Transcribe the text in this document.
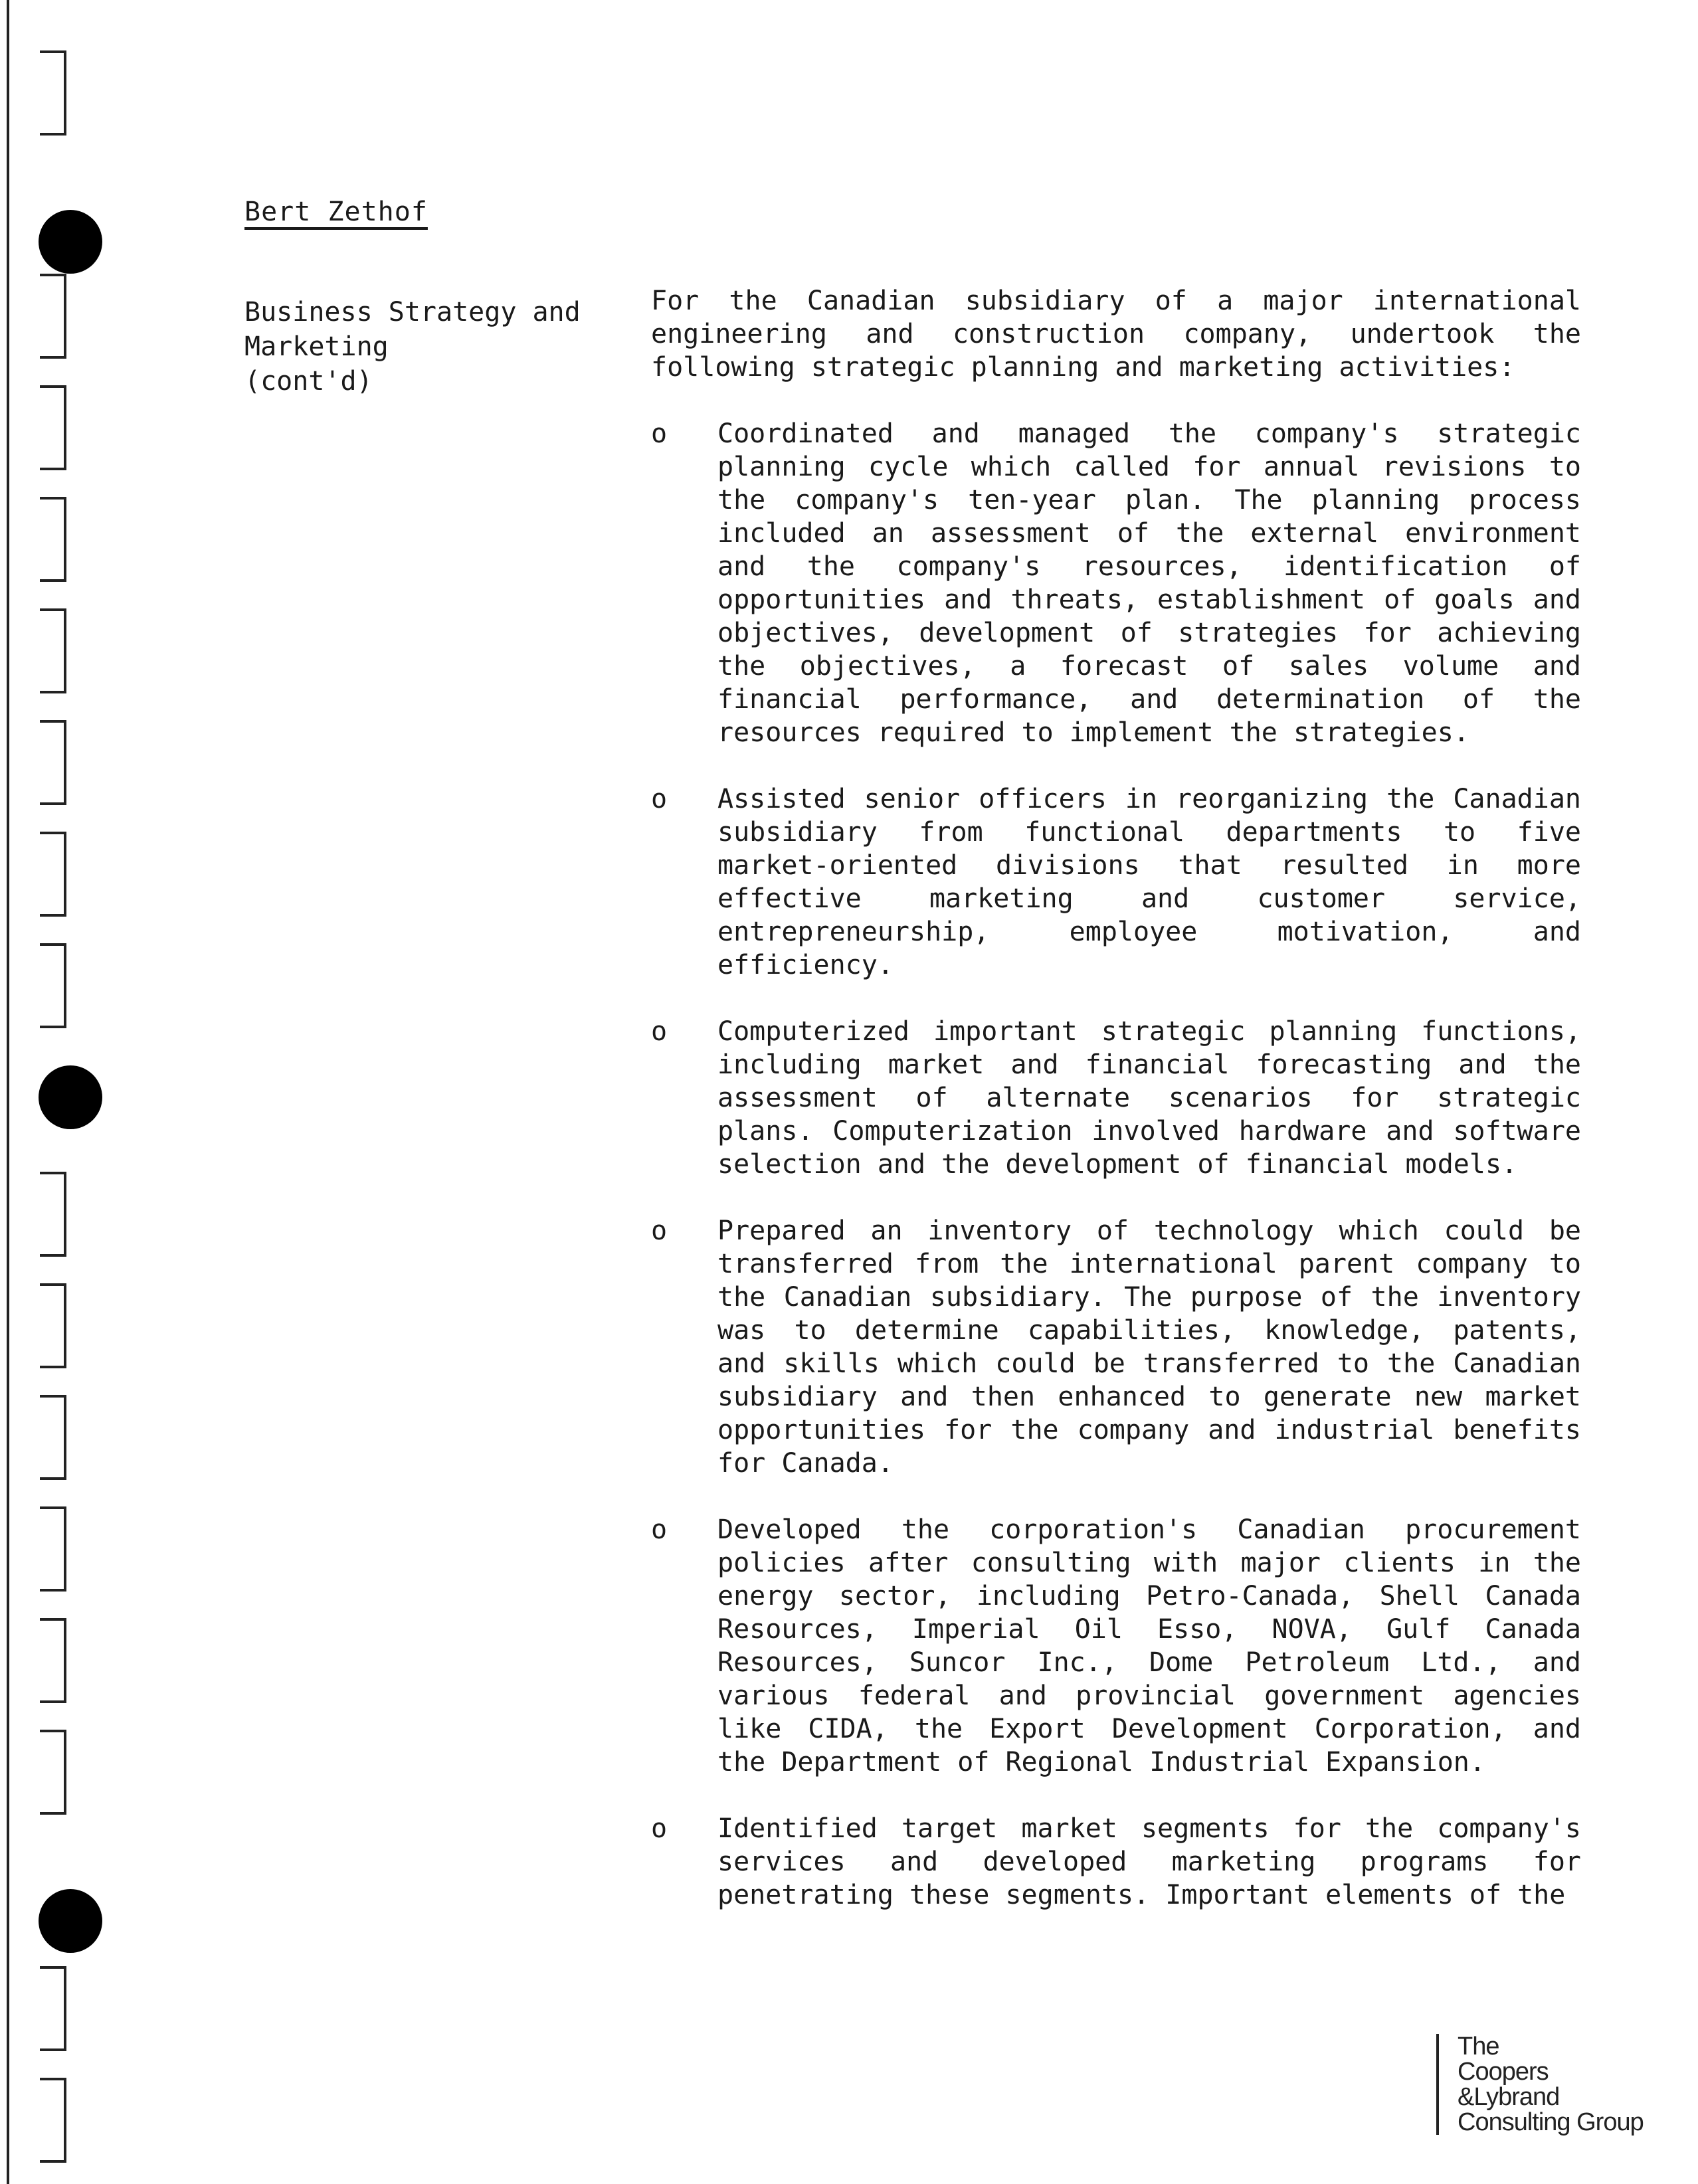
Bert Zethof
Business Strategy and
Marketing
(cont'd)

For the Canadian subsidiary of a major international engineering and construction company, undertook the following strategic planning and marketing activities:

o Coordinated and managed the company's strategic planning cycle which called for annual revisions to the company's ten-year plan. The planning process included an assessment of the external environment and the company's resources, identification of opportunities and threats, establishment of goals and objectives, development of strategies for achieving the objectives, a forecast of sales volume and financial performance, and determination of the resources required to implement the strategies.
o Assisted senior officers in reorganizing the Canadian subsidiary from functional departments to five market-oriented divisions that resulted in more effective marketing and customer service, entrepreneurship, employee motivation, and efficiency.
o Computerized important strategic planning functions, including market and financial forecasting and the assessment of alternate scenarios for strategic plans. Computerization involved hardware and software selection and the development of financial models.
o Prepared an inventory of technology which could be transferred from the international parent company to the Canadian subsidiary. The purpose of the inventory was to determine capabilities, knowledge, patents, and skills which could be transferred to the Canadian subsidiary and then enhanced to generate new market opportunities for the company and industrial benefits for Canada.
o Developed the corporation's Canadian procurement policies after consulting with major clients in the energy sector, including Petro-Canada, Shell Canada Resources, Imperial Oil Esso, NOVA, Gulf Canada Resources, Suncor Inc., Dome Petroleum Ltd., and various federal and provincial government agencies like CIDA, the Export Development Corporation, and the Department of Regional Industrial Expansion.
o Identified target market segments for the company's services and developed marketing programs for penetrating these segments. Important elements of the
The
Coopers
&Lybrand
Consulting Group
